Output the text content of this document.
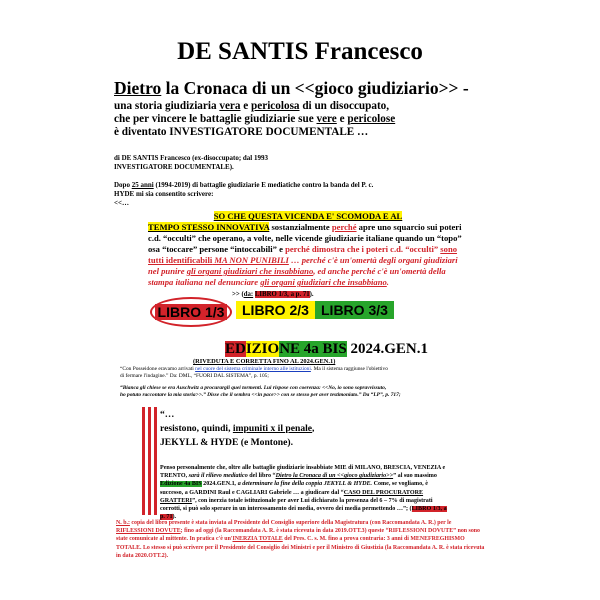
DE SANTIS Francesco
Dietro la Cronaca di un <<gioco giudiziario>> -
una storia giudiziaria vera e pericolosa di un disoccupato,
che per vincere le battaglie giudiziarie sue vere e pericolose
è diventato INVESTIGATORE DOCUMENTALE …
di DE SANTIS Francesco (ex-disoccupato; dal 1993
INVESTIGATORE DOCUMENTALE).
Dopo 25 anni (1994-2019) di battaglie giudiziarie E mediatiche contro la banda del P. c.
HYDE mi sia consentito scrivere:
<<…
SO CHE QUESTA VICENDA E' SCOMODA E AL
TEMPO STESSO INNOVATIVA sostanzialmente perché apre uno squarcio sui poteri c.d. “occulti” che operano, a volte, nelle vicende giudiziarie italiane quando un “topo” osa “toccare” persone “intoccabili” e perché dimostra che i poteri c.d. “occulti” sono tutti identificabili MA NON PUNIBILI … perché c'è un'omertà degli organi giudiziari nel punire gli organi giudiziari che insabbiano, ed anche perché c'è un'omertà della stampa italiana nel denunciare gli organi giudiziari che insabbiano.
>> (da: LIBRO 1/3, a p. 71).
LIBRO 1/3	LIBRO 2/3 LIBRO 3/3
EDIZIONE 4a BIS 2024.GEN.1
(RIVEDUTA E CORRETTA FINO AL 2024.GEN.1)
“Con Posseidone eravamo arrivati nel cuore del sistema criminale interno alle istituzioni. Ma il sistema raggiunse l'obiettivo
di fermare l'indagine.” Da: DML, “FUORI DAL SISTEMA”, p. 105;
“Bianca gli chiese se era Auschwitz a procurargli quei tormenti. Lui rispose con coerenza: <<No, io sono sopravvissuto,
ho potuto raccontare la mia storia>>.” Disse che il sembra <<in pace>> con se stesso per aver testimoniato.” Da “LP”, p. 717;
“…
resistono, quindi, impuniti x il penale,
JEKYLL & HYDE (e Montone).
Penso personalmente che, oltre alle battaglie giudiziarie insabbiate MIE di MILANO, BRESCIA, VENEZIA e TRENTO, sarà il rilievo mediatico del libro “Dietro la Cronaca di un <<gioco giudiziario>>” al suo massimo Edizione 4a BIS 2024.GEN.1, a determinare la fine della coppia JEKYLL & HYDE. Come, se vogliamo, è successo, a GARDINI Raul e CAGLIARI Gabriele … a giudicare dal “CASO DEL PROCURATORE GRATTERI”, con inerzia totale istituzionale per aver Lui dichiarato la presenza del 6 – 7% di magistrati corrotti, si può solo sperare in un interessamento dei media, ovvero dei media permettendo …”; (LIBRO 1/3, a p. 71).
N. b.: copia del libro presente è stata inviata al Presidente del Consiglio superiore della Magistratura (con Raccomandata A. R.) per le RIFLESSIONI DOVUTE; fino ad oggi (la Raccomandata A. R. è stata ricevuta in data 2019.OTT.3) queste “RIFLESSIONI DOVUTE” non sono state comunicate al mittente. In pratica c'è un'INERZIA TOTALE del Pres. C. s. M. fino a prova contraria: 3 anni di MENEFREGHISMO TOTALE. Lo stesso si può scrivere per il Presidente del Consiglio dei Ministri e per il Ministro di Giustizia (la Raccomandata A. R. è stata ricevuta in data 2020.OTT.2).
